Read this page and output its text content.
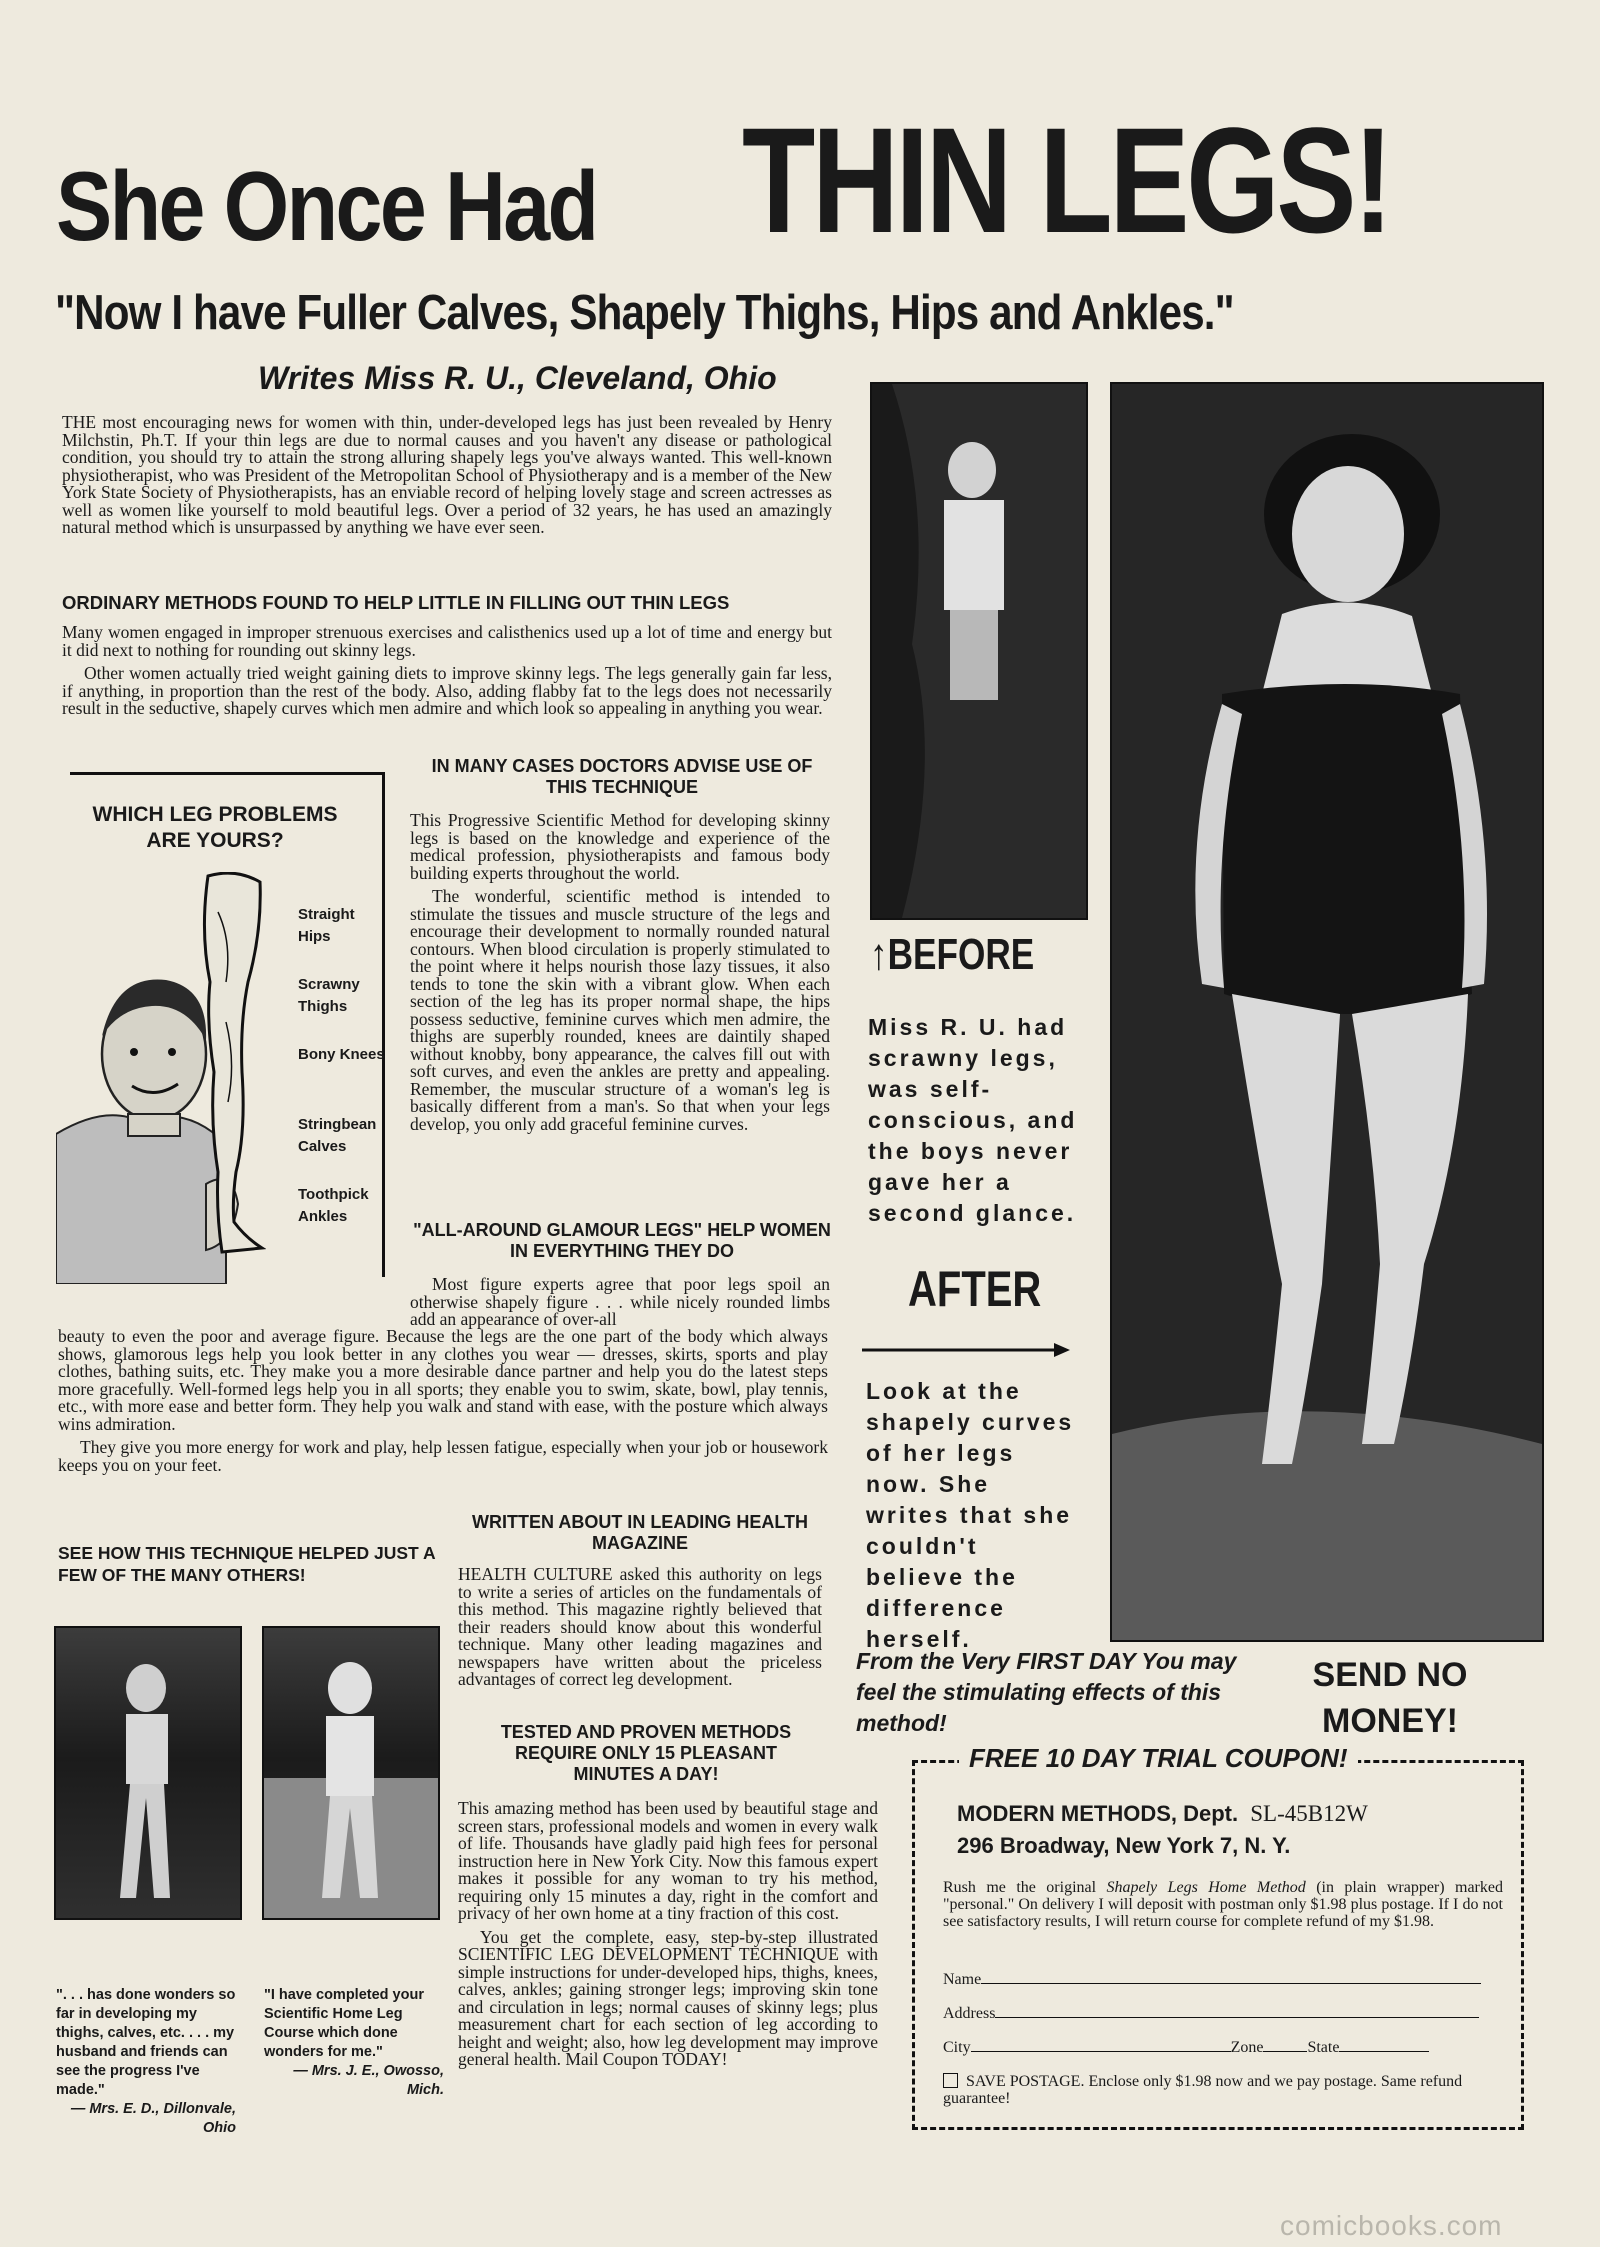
She Once Had THIN LEGS!
"Now I have Fuller Calves, Shapely Thighs, Hips and Ankles."
Writes Miss R. U., Cleveland, Ohio

THE most encouraging news for women with thin, under-developed legs has just been revealed by Henry Milchstin, Ph.T. If your thin legs are due to normal causes and you haven't any disease or pathological condition, you should try to attain the strong alluring shapely legs you've always wanted. This well-known physiotherapist, who was President of the Metropolitan School of Physiotherapy and is a member of the New York State Society of Physiotherapists, has an enviable record of helping lovely stage and screen actresses as well as women like yourself to mold beautiful legs. Over a period of 32 years, he has used an amazingly natural method which is unsurpassed by anything we have ever seen.

ORDINARY METHODS FOUND TO HELP LITTLE IN FILLING OUT THIN LEGS

Many women engaged in improper strenuous exercises and calisthenics used up a lot of time and energy but it did next to nothing for rounding out skinny legs.

Other women actually tried weight gaining diets to improve skinny legs. The legs generally gain far less, if anything, in proportion than the rest of the body. Also, adding flabby fat to the legs does not necessarily result in the seductive, shapely curves which men admire and which look so appealing in anything you wear.

WHICH LEG PROBLEMS ARE YOURS?
Straight Hips
Scrawny Thighs
Bony Knees
Stringbean Calves
Toothpick Ankles
IN MANY CASES DOCTORS ADVISE USE OF THIS TECHNIQUE

This Progressive Scientific Method for developing skinny legs is based on the knowledge and experience of the medical profession, physiotherapists and famous body building experts throughout the world.

The wonderful, scientific method is intended to stimulate the tissues and muscle structure of the legs and encourage their development to normally rounded natural contours. When blood circulation is properly stimulated to the point where it helps nourish those lazy tissues, it also tends to tone the skin with a vibrant glow. When each section of the leg has its proper normal shape, the hips possess seductive, feminine curves which men admire, the thighs are superbly rounded, knees are daintily shaped without knobby, bony appearance, the calves fill out with soft curves, and even the ankles are pretty and appealing. Remember, the muscular structure of a woman's leg is basically different from a man's. So that when your legs develop, you only add graceful feminine curves.

"ALL-AROUND GLAMOUR LEGS" HELP WOMEN IN EVERYTHING THEY DO

Most figure experts agree that poor legs spoil an otherwise shapely figure . . . while nicely rounded limbs add an appearance of over-all

beauty to even the poor and average figure. Because the legs are the one part of the body which always shows, glamorous legs help you look better in any clothes you wear — dresses, skirts, sports and play clothes, bathing suits, etc. They make you a more desirable dance partner and help you do the latest steps more gracefully. Well-formed legs help you in all sports; they enable you to swim, skate, bowl, play tennis, etc., with more ease and better form. They help you walk and stand with ease, with the posture which always wins admiration.

They give you more energy for work and play, help lessen fatigue, especially when your job or housework keeps you on your feet.

SEE HOW THIS TECHNIQUE HELPED JUST A FEW OF THE MANY OTHERS!
". . . has done wonders so far in developing my thighs, calves, etc. . . . my husband and friends can see the progress I've made."
— Mrs. E. D., Dillonvale, Ohio
"I have completed your Scientific Home Leg Course which done wonders for me."
— Mrs. J. E., Owosso, Mich.
WRITTEN ABOUT IN LEADING HEALTH MAGAZINE

HEALTH CULTURE asked this authority on legs to write a series of articles on the fundamentals of this method. This magazine rightly believed that their readers should know about this wonderful technique. Many other leading magazines and newspapers have written about the priceless advantages of correct leg development.

TESTED AND PROVEN METHODS REQUIRE ONLY 15 PLEASANT MINUTES A DAY!

This amazing method has been used by beautiful stage and screen stars, professional models and women in every walk of life. Thousands have gladly paid high fees for personal instruction here in New York City. Now this famous expert makes it possible for any woman to try his method, requiring only 15 minutes a day, right in the comfort and privacy of her own home at a tiny fraction of this cost.

You get the complete, easy, step-by-step illustrated SCIENTIFIC LEG DEVELOPMENT TECHNIQUE with simple instructions for under-developed hips, thighs, knees, calves, ankles; gaining stronger legs; improving skin tone and circulation in legs; normal causes of skinny legs; plus measurement chart for each section of leg according to height and weight; also, how leg development may improve general health. Mail Coupon TODAY!

↑BEFORE
Miss R. U. had scrawny legs, was self-conscious, and the boys never gave her a second glance.
AFTER
Look at the shapely curves of her legs now. She writes that she couldn't believe the difference herself.
From the Very FIRST DAY You may feel the stimulating effects of this method!
SEND NO MONEY!
FREE 10 DAY TRIAL COUPON!
MODERN METHODS, Dept. SL-45B12W
296 Broadway, New York 7, N. Y.
Rush me the original Shapely Legs Home Method (in plain wrapper) marked "personal." On delivery I will deposit with postman only $1.98 plus postage. If I do not see satisfactory results, I will return course for complete refund of my $1.98.
Name
Address
City	Zone	State
SAVE POSTAGE. Enclose only $1.98 now and we pay postage. Same refund guarantee!
comicbooks.com
